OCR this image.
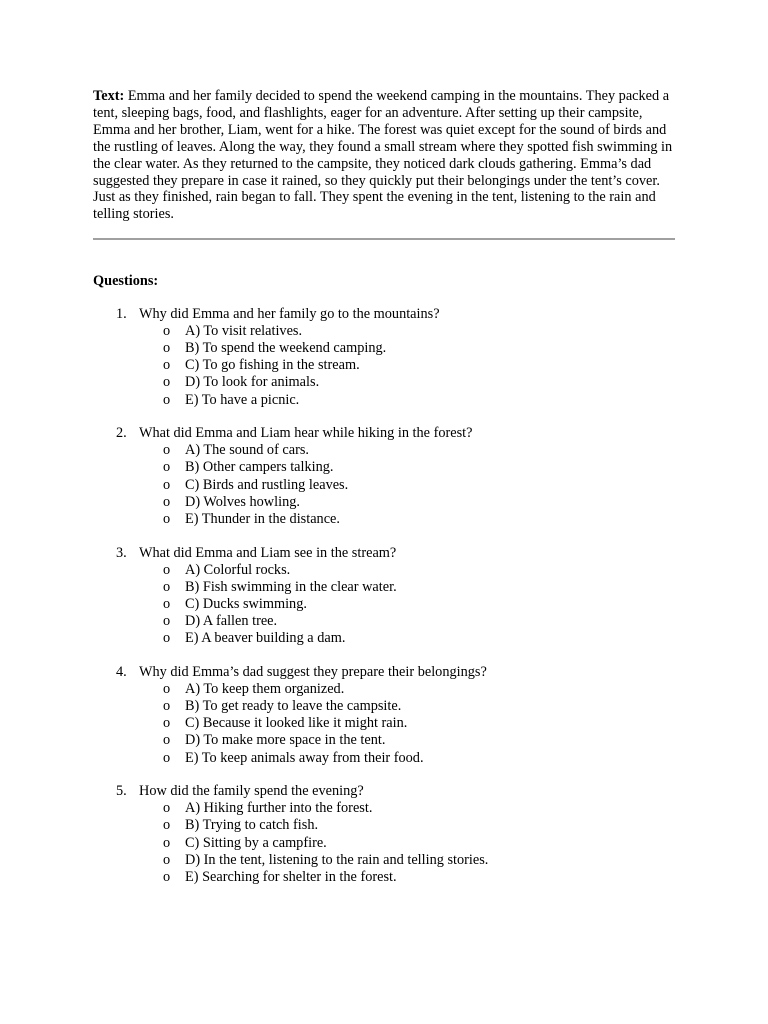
Text: Emma and her family decided to spend the weekend camping in the mountains. They packed a tent, sleeping bags, food, and flashlights, eager for an adventure. After setting up their campsite, Emma and her brother, Liam, went for a hike. The forest was quiet except for the sound of birds and the rustling of leaves. Along the way, they found a small stream where they spotted fish swimming in the clear water. As they returned to the campsite, they noticed dark clouds gathering. Emma’s dad suggested they prepare in case it rained, so they quickly put their belongings under the tent’s cover. Just as they finished, rain began to fall. They spent the evening in the tent, listening to the rain and telling stories.

Questions:

1. Why did Emma and her family go to the mountains?
o A) To visit relatives.
o B) To spend the weekend camping.
o C) To go fishing in the stream.
o D) To look for animals.
o E) To have a picnic.
2. What did Emma and Liam hear while hiking in the forest?
o A) The sound of cars.
o B) Other campers talking.
o C) Birds and rustling leaves.
o D) Wolves howling.
o E) Thunder in the distance.
3. What did Emma and Liam see in the stream?
o A) Colorful rocks.
o B) Fish swimming in the clear water.
o C) Ducks swimming.
o D) A fallen tree.
o E) A beaver building a dam.
4. Why did Emma’s dad suggest they prepare their belongings?
o A) To keep them organized.
o B) To get ready to leave the campsite.
o C) Because it looked like it might rain.
o D) To make more space in the tent.
o E) To keep animals away from their food.
5. How did the family spend the evening?
o A) Hiking further into the forest.
o B) Trying to catch fish.
o C) Sitting by a campfire.
o D) In the tent, listening to the rain and telling stories.
o E) Searching for shelter in the forest.
